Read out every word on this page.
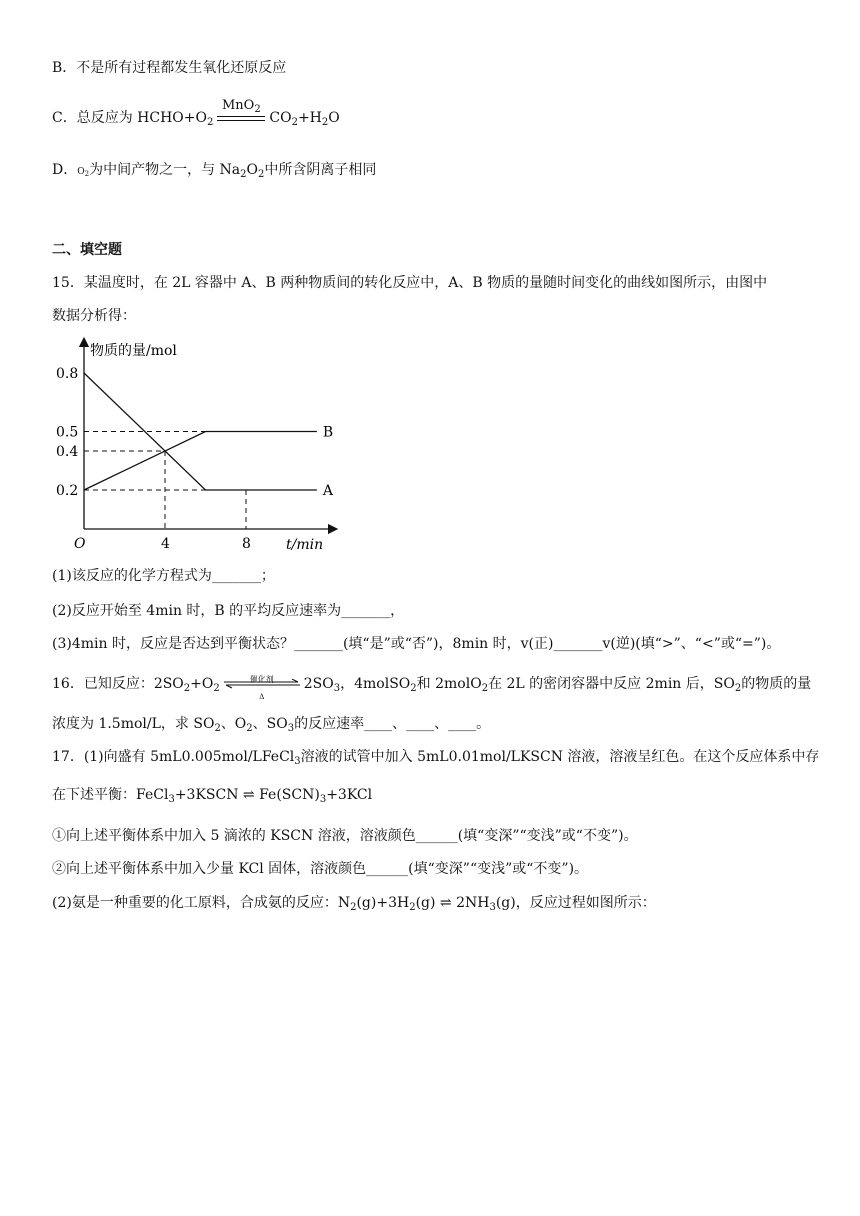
B．不是所有过程都发生氧化还原反应
C．总反应为 $HCHO+O_2$
MnO$_2$
$CO_2+H_2O$
D．$O_2$为中间产物之一，与 $Na_2O_2$中所含阴离子相同
二、填空题
15．某温度时，在 2L 容器中 A、B 两种物质间的转化反应中，A、B 物质的量随时间变化的曲线如图所示，由图中
数据分析得：
物质的量/mol
t/min
O
A
B
0.8
0.5
0.4
0.2
4	8
(1)该反应的化学方程式为_______；
(2)反应开始至 4min 时，B 的平均反应速率为_______，
(3)4min 时，反应是否达到平衡状态？_______(填“是”或“否”)，8min 时，v(正)_______v(逆)(填“>”、“<”或“=”)。
16．已知反应：$2SO_2+O_2$
催化剂
Δ
$2SO_3$，4molSO$_2$和 2molO$_2$在 2L 的密闭容器中反应 2min 后，$SO_2$的物质的量
浓度为 1.5mol/L，求 $SO_2$、$O_2$、$SO_3$的反应速率____、____、____。
17．(1)向盛有 5mL0.005mol/LFeCl$_3$溶液的试管中加入 5mL0.01mol/LKSCN 溶液，溶液呈红色。在这个反应体系中存
在下述平衡：FeCl$_3$+3KSCN ⇌ $Fe(SCN)_3+3KCl$
①向上述平衡体系中加入 5 滴浓的 KSCN 溶液，溶液颜色______(填“变深”“变浅”或“不变”)。
②向上述平衡体系中加入少量 KCl 固体，溶液颜色______(填“变深”“变浅”或“不变”)。
(2)氨是一种重要的化工原料，合成氨的反应：$N_2(g)+3H_2(g)$ ⇌ $2NH_3(g)$，反应过程如图所示：
